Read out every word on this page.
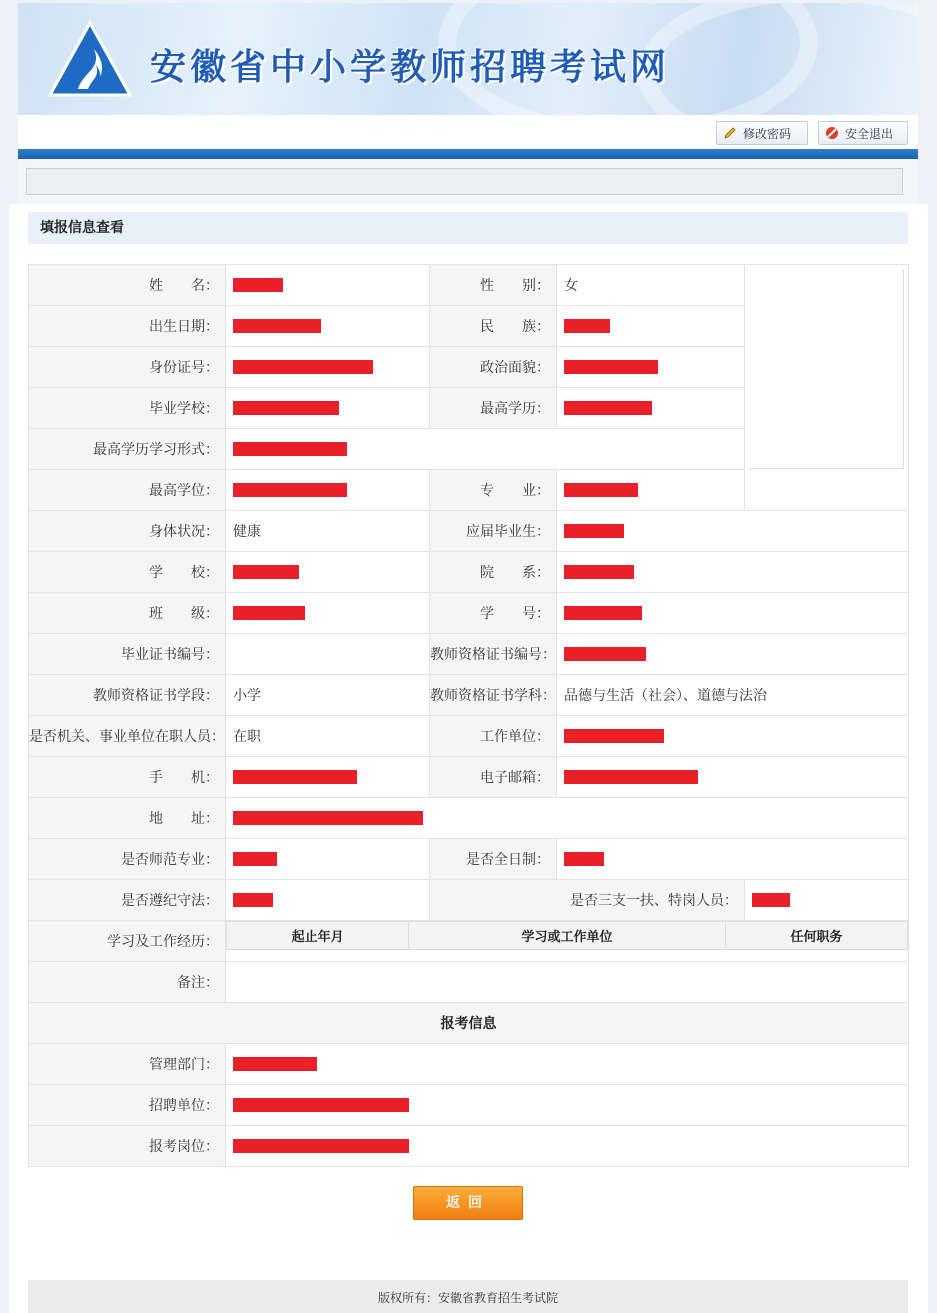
安徽省中小学教师招聘考试网
修改密码	安全退出
填报信息查看
姓　　名：		性　　别：	女	

出生日期：		民　　族：	
身份证号：		政治面貌：	
毕业学校：		最高学历：	
最高学历学习形式：	
最高学位：		专　　业：	
身体状况：	健康	应届毕业生：	
学　　校：		院　　系：	
班　　级：		学　　号：	
毕业证书编号：		教师资格证书编号：	
教师资格证书学段：	小学	教师资格证书学科：	品德与生活（社会）、道德与法治
是否机关、事业单位在职人员：	在职	工作单位：	
手　　机：		电子邮箱：	
地　　址：	
是否师范专业：		是否全日制：	
是否遵纪守法：		是否三支一扶、特岗人员：	
学习及工作经历：		起止年月	学习或工作单位	任何职务

备注：	
报考信息
管理部门：	
招聘单位：	
报考岗位：	
返回
版权所有：安徽省教育招生考试院
